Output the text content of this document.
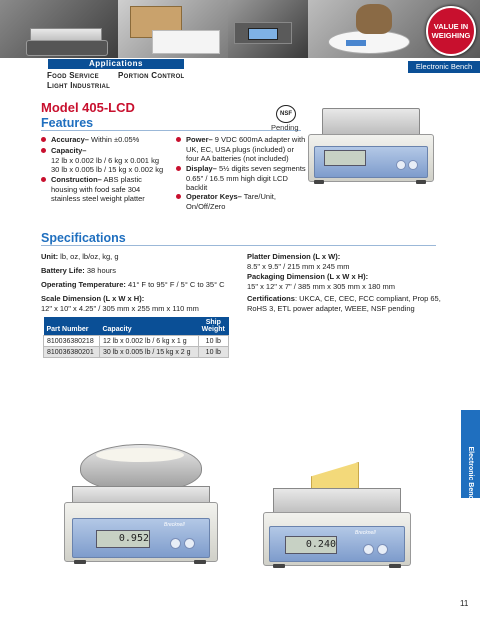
VALUE IN WEIGHING
Applications
Food Service Portion Control
Light Industrial
Electronic Bench
Model 405-LCD
Features
NSF
Pending
Accuracy– Within ±0.05%
Capacity–
12 lb x 0.002 lb / 6 kg x 0.001 kg
30 lb x 0.005 lb / 15 kg x 0.002 kg
Construction– ABS plastic
housing with food safe 304
stainless steel weight platter
Power– 9 VDC 600mA adapter with
UK, EC, USA plugs (included) or
four AA batteries (not included)
Display– 5½ digits seven segments
0.65" / 16.5 mm high digit LCD
backlit
Operator Keys– Tare/Unit,
On/Off/Zero
Specifications
Unit: lb, oz, lb/oz, kg, g
Battery Life: 38 hours
Operating Temperature: 41° F to 95° F / 5° C to 35° C
Scale Dimension (L x W x H):
12" x 10" x 4.25" / 305 mm x 255 mm x 110 mm
Platter Dimension (L x W):
8.5" x 9.5" / 215 mm x 245 mm
Packaging Dimension (L x W x H):
15" x 12" x 7" / 385 mm x 305 mm x 180 mm
Certifications: UKCA, CE, CEC, FCC compliant, Prop 65,
RoHS 3, ETL power adapter, WEEE, NSF pending
Part Number	Capacity	Ship
Weight
810036380218	12 lb x 0.002 lb / 6 kg x 1 g	10 lb
810036380201	30 lb x 0.005 lb / 15 kg x 2 g	10 lb
Electronic Bench
0.952
Brecknell
0.240
Brecknell
11
